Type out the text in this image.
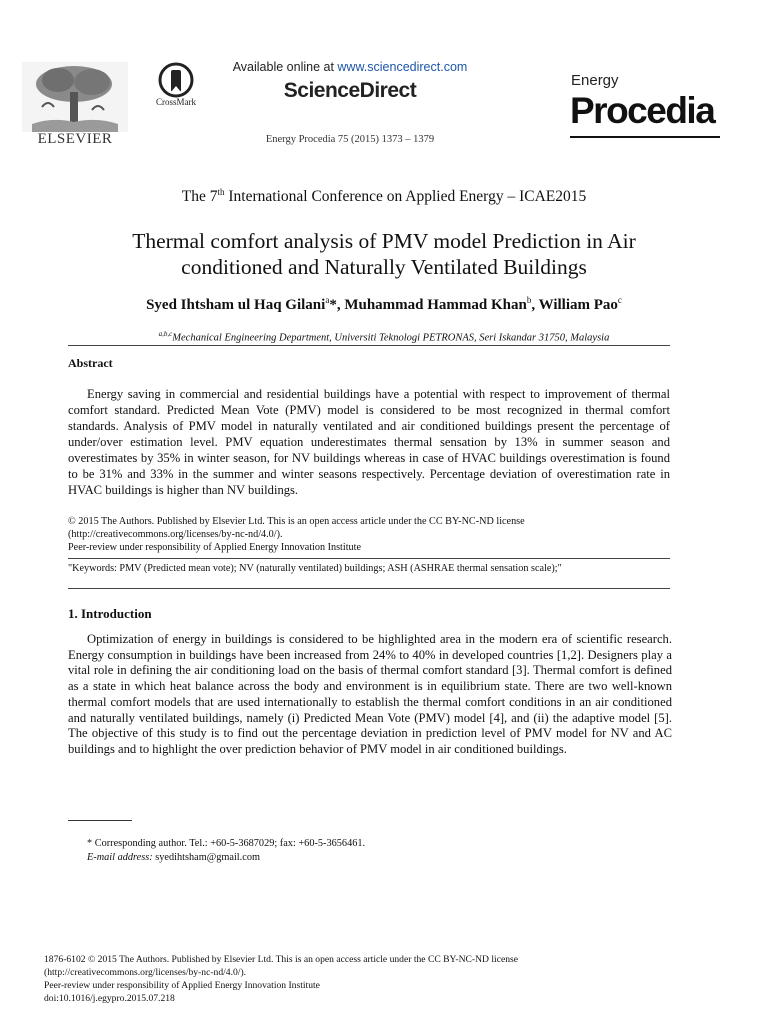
ELSEVIER
CrossMark
Available online at www.sciencedirect.com
ScienceDirect
Energy Procedia 75 (2015) 1373 – 1379
Energy
Procedia
The 7th International Conference on Applied Energy – ICAE2015
Thermal comfort analysis of PMV model Prediction in Air
conditioned and Naturally Ventilated Buildings
Syed Ihtsham ul Haq Gilani$^a$*, Muhammad Hammad Khan$^b$, William Pao$^c$
$^{a,b,c}$Mechanical Engineering Department, Universiti Teknologi PETRONAS, Seri Iskandar 31750, Malaysia
Abstract
Energy saving in commercial and residential buildings have a potential with respect to improvement of thermal comfort standard. Predicted Mean Vote (PMV) model is considered to be most recognized in thermal comfort standards. Analysis of PMV model in naturally ventilated and air conditioned buildings present the percentage of under/over estimation level. PMV equation underestimates thermal sensation by 13% in summer season and overestimates by 35% in winter season, for NV buildings whereas in case of HVAC buildings overestimation is found to be 31% and 33% in the summer and winter seasons respectively. Percentage deviation of overestimation rate in HVAC buildings is higher than NV buildings.
© 2015 The Authors. Published by Elsevier Ltd. This is an open access article under the CC BY-NC-ND license
(http://creativecommons.org/licenses/by-nc-nd/4.0/).
Peer-review under responsibility of Applied Energy Innovation Institute
"Keywords: PMV (Predicted mean vote); NV (naturally ventilated) buildings; ASH (ASHRAE thermal sensation scale);"
1. Introduction
Optimization of energy in buildings is considered to be highlighted area in the modern era of scientific research. Energy consumption in buildings have been increased from 24% to 40% in developed countries [1,2]. Designers play a vital role in defining the air conditioning load on the basis of thermal comfort standard [3]. Thermal comfort is defined as a state in which heat balance across the body and environment is in equilibrium state. There are two well-known thermal comfort models that are used internationally to establish the thermal comfort conditions in an air conditioned and naturally ventilated buildings, namely (i) Predicted Mean Vote (PMV) model [4], and (ii) the adaptive model [5]. The objective of this study is to find out the percentage deviation in prediction level of PMV model for NV and AC buildings and to highlight the over prediction behavior of PMV model in air conditioned buildings.
* Corresponding author. Tel.: +60-5-3687029; fax: +60-5-3656461.
E-mail address: syedihtsham@gmail.com
1876-6102 © 2015 The Authors. Published by Elsevier Ltd. This is an open access article under the CC BY-NC-ND license
(http://creativecommons.org/licenses/by-nc-nd/4.0/).
Peer-review under responsibility of Applied Energy Innovation Institute
doi:10.1016/j.egypro.2015.07.218
